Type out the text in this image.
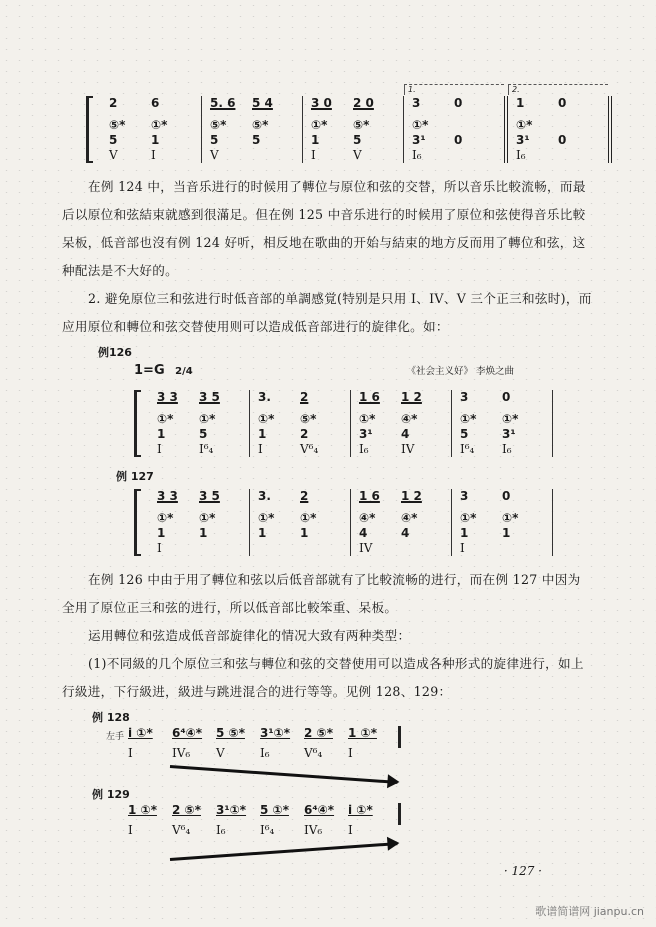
2
⑤*
5
V
6
①*
1
I
5. 6
⑤*
5
V
5 4
⑤*
5
3 0
①*
1
I
2 0
⑤*
5
V
1.
3
①*
3¹
I₆
0
0
2.
1
①*
3¹
I₆
0
0

在例 124 中，当音乐进行的时候用了轉位与原位和弦的交替，所以音乐比較流畅，而最后以原位和弦結束就感到很滿足。但在例 125 中音乐进行的时候用了原位和弦使得音乐比較呆板，低音部也沒有例 124 好听，相反地在歌曲的开始与結束的地方反而用了轉位和弦，这种配法是不大好的。

2. 避免原位三和弦进行时低音部的单調感覚(特别是只用 I、IV、V 三个正三和弦时)，而应用原位和轉位和弦交替使用则可以造成低音部进行的旋律化。如：

例126
1=G 2/4	《社会主义好》 李焕之曲
3 3
①*
1
I
3 5
①*
5
I⁶₄
3.
①*
1
I
2
⑤*
2
V⁶₄
1 6
①*
3¹
I₆
1 2
④*
4
IV
3
①*
5
I⁶₄
0
①*
3¹
I₆
例 127
3 3
①*
1
I
3 5
①*
1
3.
①*
1
2
①*
1
1 6
④*
4
IV
1 2
④*
4
3
①*
1
I
0
①*
1

在例 126 中由于用了轉位和弦以后低音部就有了比較流畅的进行，而在例 127 中因为全用了原位正三和弦的进行，所以低音部比較笨重、呆板。

运用轉位和弦造成低音部旋律化的情况大致有两种类型：

(1)不同級的几个原位三和弦与轉位和弦的交替使用可以造成各种形式的旋律进行，如上行級进，下行級进，級进与跳进混合的进行等等。见例 128、129：

例 128
左手 i̇ ①*
I
6⁴④*
IV₆
5 ⑤*
V
3¹①*
I₆
2 ⑤*
V⁶₄
1 ①*
I
例 129
1 ①*
I
2 ⑤*
V⁶₄
3¹①*
I₆
5 ①*
I⁶₄
6⁴④*
IV₆
i̇ ①*
I
· 127 ·
歌谱简谱网 jianpu.cn
